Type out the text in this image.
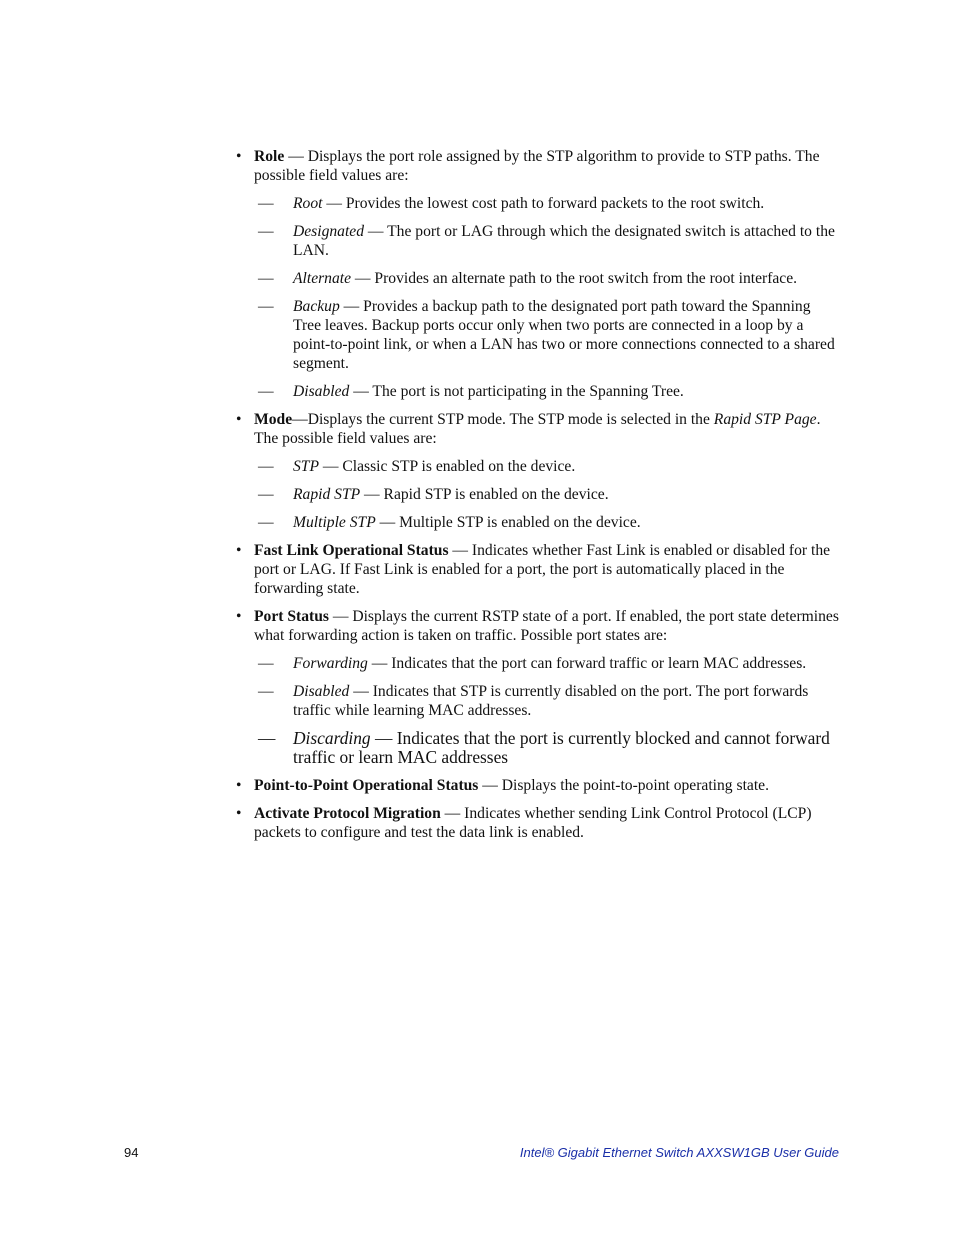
• Role — Displays the port role assigned by the STP algorithm to provide to STP paths. The possible field values are:
— Root — Provides the lowest cost path to forward packets to the root switch.
— Designated — The port or LAG through which the designated switch is attached to the LAN.
— Alternate — Provides an alternate path to the root switch from the root interface.
— Backup — Provides a backup path to the designated port path toward the Spanning Tree leaves. Backup ports occur only when two ports are connected in a loop by a point-to-point link, or when a LAN has two or more connections connected to a shared segment.
— Disabled — The port is not participating in the Spanning Tree.
• Mode—Displays the current STP mode. The STP mode is selected in the Rapid STP Page. The possible field values are:
— STP — Classic STP is enabled on the device.
— Rapid STP — Rapid STP is enabled on the device.
— Multiple STP — Multiple STP is enabled on the device.
• Fast Link Operational Status — Indicates whether Fast Link is enabled or disabled for the port or LAG. If Fast Link is enabled for a port, the port is automatically placed in the forwarding state.
• Port Status — Displays the current RSTP state of a port. If enabled, the port state determines what forwarding action is taken on traffic. Possible port states are:
— Forwarding — Indicates that the port can forward traffic or learn MAC addresses.
— Disabled — Indicates that STP is currently disabled on the port. The port forwards traffic while learning MAC addresses.
— Discarding — Indicates that the port is currently blocked and cannot forward traffic or learn MAC addresses
• Point-to-Point Operational Status — Displays the point-to-point operating state.
• Activate Protocol Migration — Indicates whether sending Link Control Protocol (LCP) packets to configure and test the data link is enabled.
94	Intel® Gigabit Ethernet Switch AXXSW1GB User Guide
